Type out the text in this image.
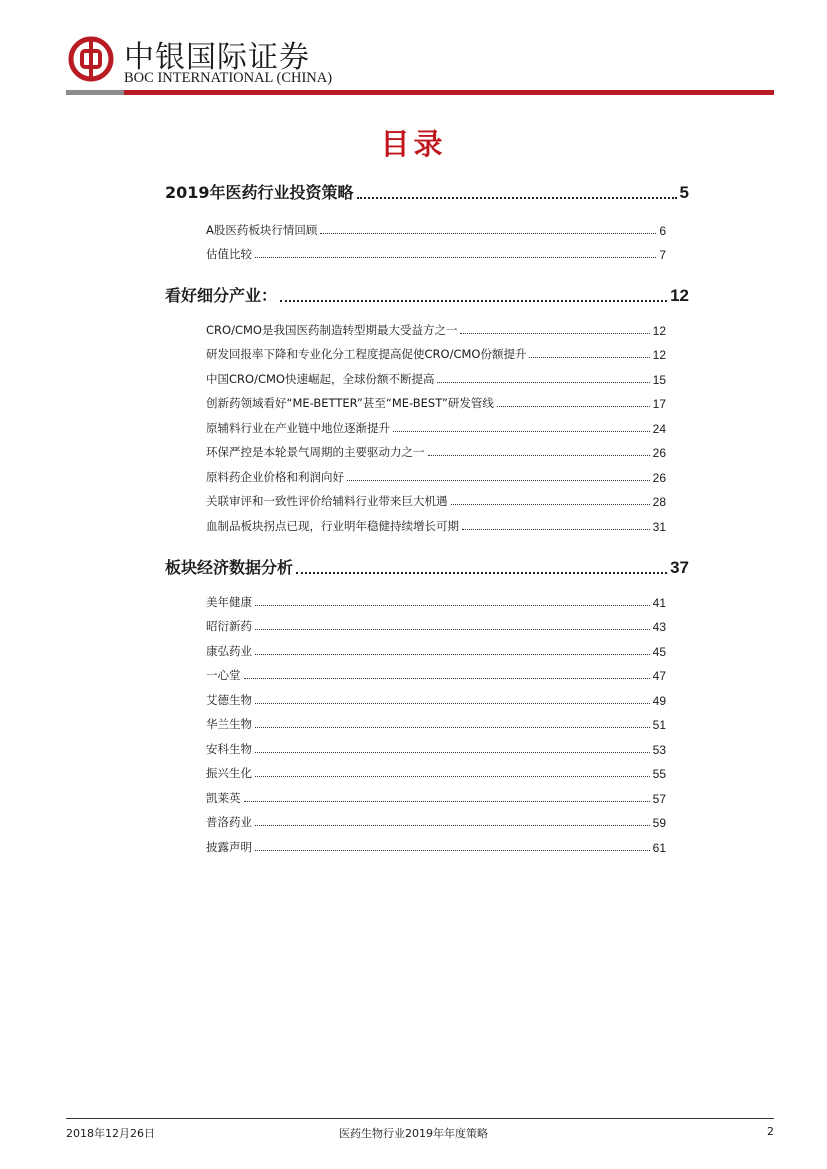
中银国际证券
BOC INTERNATIONAL (CHINA)
目录
2019年医药行业投资策略	5
A股医药板块行情回顾	6
估值比较	7
看好细分产业：	12
CRO/CMO是我国医药制造转型期最大受益方之一	12
研发回报率下降和专业化分工程度提高促使CRO/CMO份额提升	12
中国CRO/CMO快速崛起，全球份额不断提高	15
创新药领域看好“ME-BETTER”甚至“ME-BEST”研发管线	17
原辅料行业在产业链中地位逐渐提升	24
环保严控是本轮景气周期的主要驱动力之一	26
原料药企业价格和利润向好	26
关联审评和一致性评价给辅料行业带来巨大机遇	28
血制品板块拐点已现，行业明年稳健持续增长可期	31
板块经济数据分析	37
美年健康	41
昭衍新药	43
康弘药业	45
一心堂	47
艾德生物	49
华兰生物	51
安科生物	53
振兴生化	55
凯莱英	57
普洛药业	59
披露声明	61
2018年12月26日	医药生物行业2019年年度策略	2
